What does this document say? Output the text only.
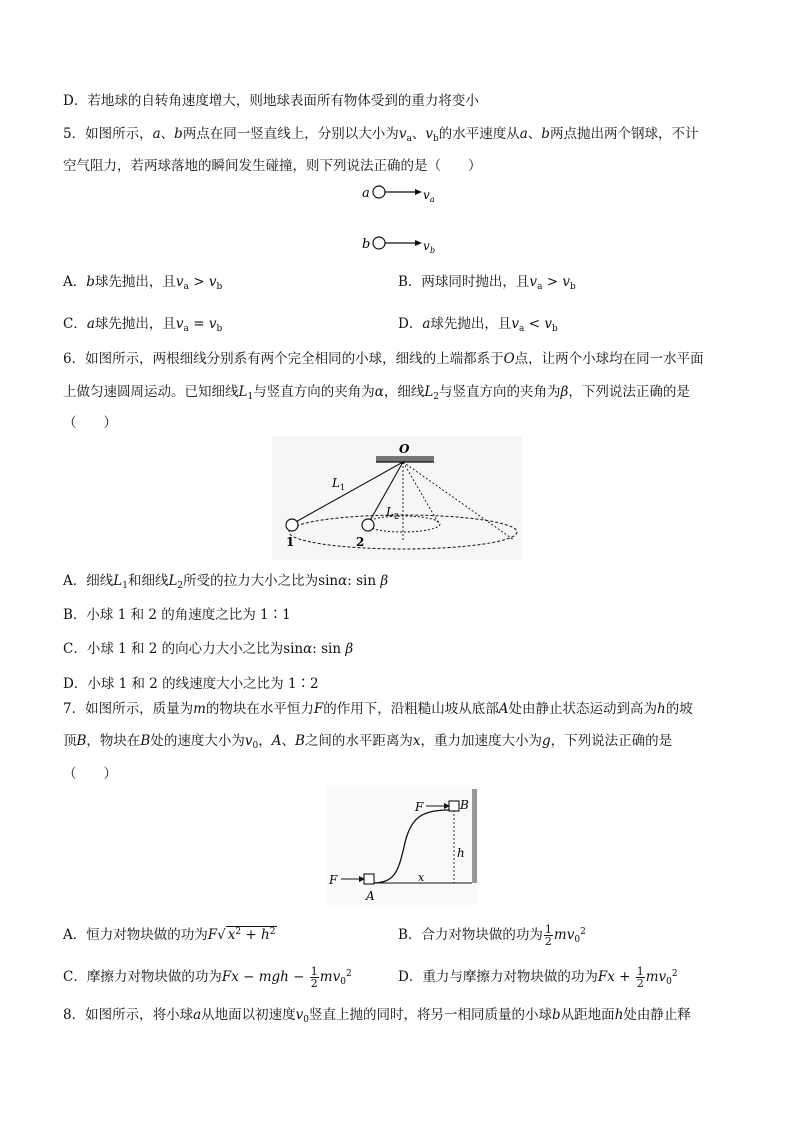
D．若地球的自转角速度增大，则地球表面所有物体受到的重力将变小
5．如图所示，a、b两点在同一竖直线上，分别以大小为$v_a$、$v_b$的水平速度从a、b两点抛出两个钢球，不计
空气阻力，若两球落地的瞬间发生碰撞，则下列说法正确的是（　　）
a	v a
b	v b
A．b球先抛出，且$v_a > v_b$	B．两球同时抛出，且$v_a > v_b$
C．a球先抛出，且$v_a = v_b$	D．a球先抛出，且$v_a < v_b$
6．如图所示，两根细线分别系有两个完全相同的小球，细线的上端都系于O点，让两个小球均在同一水平面
上做匀速圆周运动。已知细线$L_1$与竖直方向的夹角为α，细线$L_2$与竖直方向的夹角为β，下列说法正确的是
（　　）
O
L 1
L 2
1	2
A．细线$L_1$和细线$L_2$所受的拉力大小之比为sinα: sin β
B．小球 1 和 2 的角速度之比为 1∶1
C．小球 1 和 2 的向心力大小之比为sinα: sin β
D．小球 1 和 2 的线速度大小之比为 1∶2
7．如图所示，质量为m的物块在水平恒力F的作用下，沿粗糙山坡从底部A处由静止状态运动到高为h的坡
顶B，物块在B处的速度大小为$v_0$，A、B之间的水平距离为x，重力加速度大小为g，下列说法正确的是
（　　）
F
F
A
B
h
x
A．恒力对物块做的功为F√ $x^2 + h^2$	B．合力对物块做的功为 $\frac{1}{2} mv_0^2$
C．摩擦力对物块做的功为Fx − mgh − $\frac{1}{2} mv_0^2$	D．重力与摩擦力对物块做的功为$Fx + \frac{1}{2} mv_0^2$
8．如图所示，将小球a从地面以初速度$v_0$竖直上抛的同时，将另一相同质量的小球b从距地面h处由静止释
